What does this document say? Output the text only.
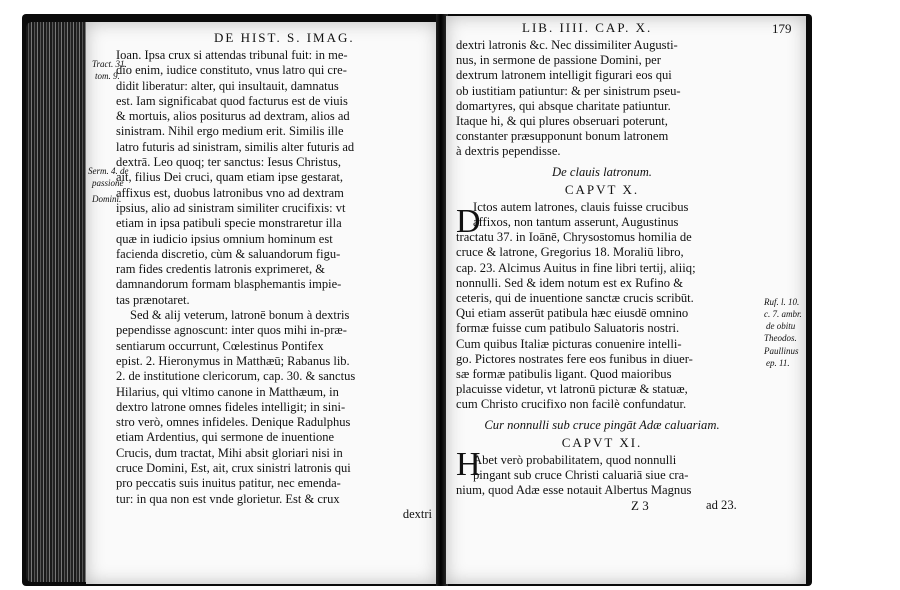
DE HIST. S. IMAG.
Tract. 31.
tom. 9.
Serm. 4. de
passione
Domini.
Ioan. Ipsa crux si attendas tribunal fuit: in me-
dio enim, iudice constituto, vnus latro qui cre-
didit liberatur: alter, qui insultauit, damnatus
est. Iam significabat quod facturus est de viuis
& mortuis, alios positurus ad dextram, alios ad
sinistram. Nihil ergo medium erit. Similis ille
latro futuris ad sinistram, similis alter futuris ad
dextrā. Leo quoq; ter sanctus: Iesus Christus,
ait, filius Dei cruci, quam etiam ipse gestarat,
affixus est, duobus latronibus vno ad dextram
ipsius, alio ad sinistram similiter crucifixis: vt
etiam in ipsa patibuli specie monstraretur illa
quæ in iudicio ipsius omnium hominum est
facienda discretio, cùm & saluandorum figu-
ram fides credentis latronis exprimeret, &
damnandorum formam blasphemantis impie-
tas prænotaret.
Sed & alij veterum, latronē bonum à dextris
pependisse agnoscunt: inter quos mihi in-præ-
sentiarum occurrunt, Cœlestinus Pontifex
epist. 2. Hieronymus in Matthæū; Rabanus lib.
2. de institutione clericorum, cap. 30. & sanctus
Hilarius, qui vltimo canone in Matthæum, in
dextro latrone omnes fideles intelligit; in sini-
stro verò, omnes infideles. Denique Radulphus
etiam Ardentius, qui sermone de inuentione
Crucis, dum tractat, Mihi absit gloriari nisi in
cruce Domini, Est, ait, crux sinistri latronis qui
pro peccatis suis inuitus patitur, nec emenda-
tur: in qua non est vnde glorietur. Est & crux
dextri
LIB. IIII. CAP. X.	179
Ruf. l. 10.
c. 7. ambr.
de obitu
Theodos.
Paullinus
ep. 11.
dextri latronis &c. Nec dissimiliter Augusti-
nus, in sermone de passione Domini, per
dextrum latronem intelligit figurari eos qui
ob iustitiam patiuntur: & per sinistrum pseu-
domartyres, qui absque charitate patiuntur.
Itaque hi, & qui plures obseruari poterunt,
constanter præsupponunt bonum latronem
à dextris pependisse.
De clauis latronum.
CAPVT X.
Ictos autem latrones, clauis fuisse crucibus
affixos, non tantum asserunt, Augustinus
tractatu 37. in Ioānē, Chrysostomus homilia de
cruce & latrone, Gregorius 18. Moraliū libro,
cap. 23. Alcimus Auitus in fine libri tertij, aliiq;
nonnulli. Sed & idem notum est ex Rufino &
ceteris, qui de inuentione sanctæ crucis scribūt.
Qui etiam asserūt patibula hæc eiusdē omnino
formæ fuisse cum patibulo Saluatoris nostri.
Cum quibus Italiæ picturas conuenire intelli-
go. Pictores nostrates fere eos funibus in diuer-
sæ formæ patibulis ligant. Quod maioribus
placuisse videtur, vt latronū picturæ & statuæ,
cum Christo crucifixo non facilè confundatur.
Cur nonnulli sub cruce pingāt Adæ caluariam.
CAPVT XI.
Abet verò probabilitatem, quod nonnulli
pingant sub cruce Christi caluariā siue cra-
nium, quod Adæ esse notauit Albertus Magnus
D
H
Z 3	ad 23.
